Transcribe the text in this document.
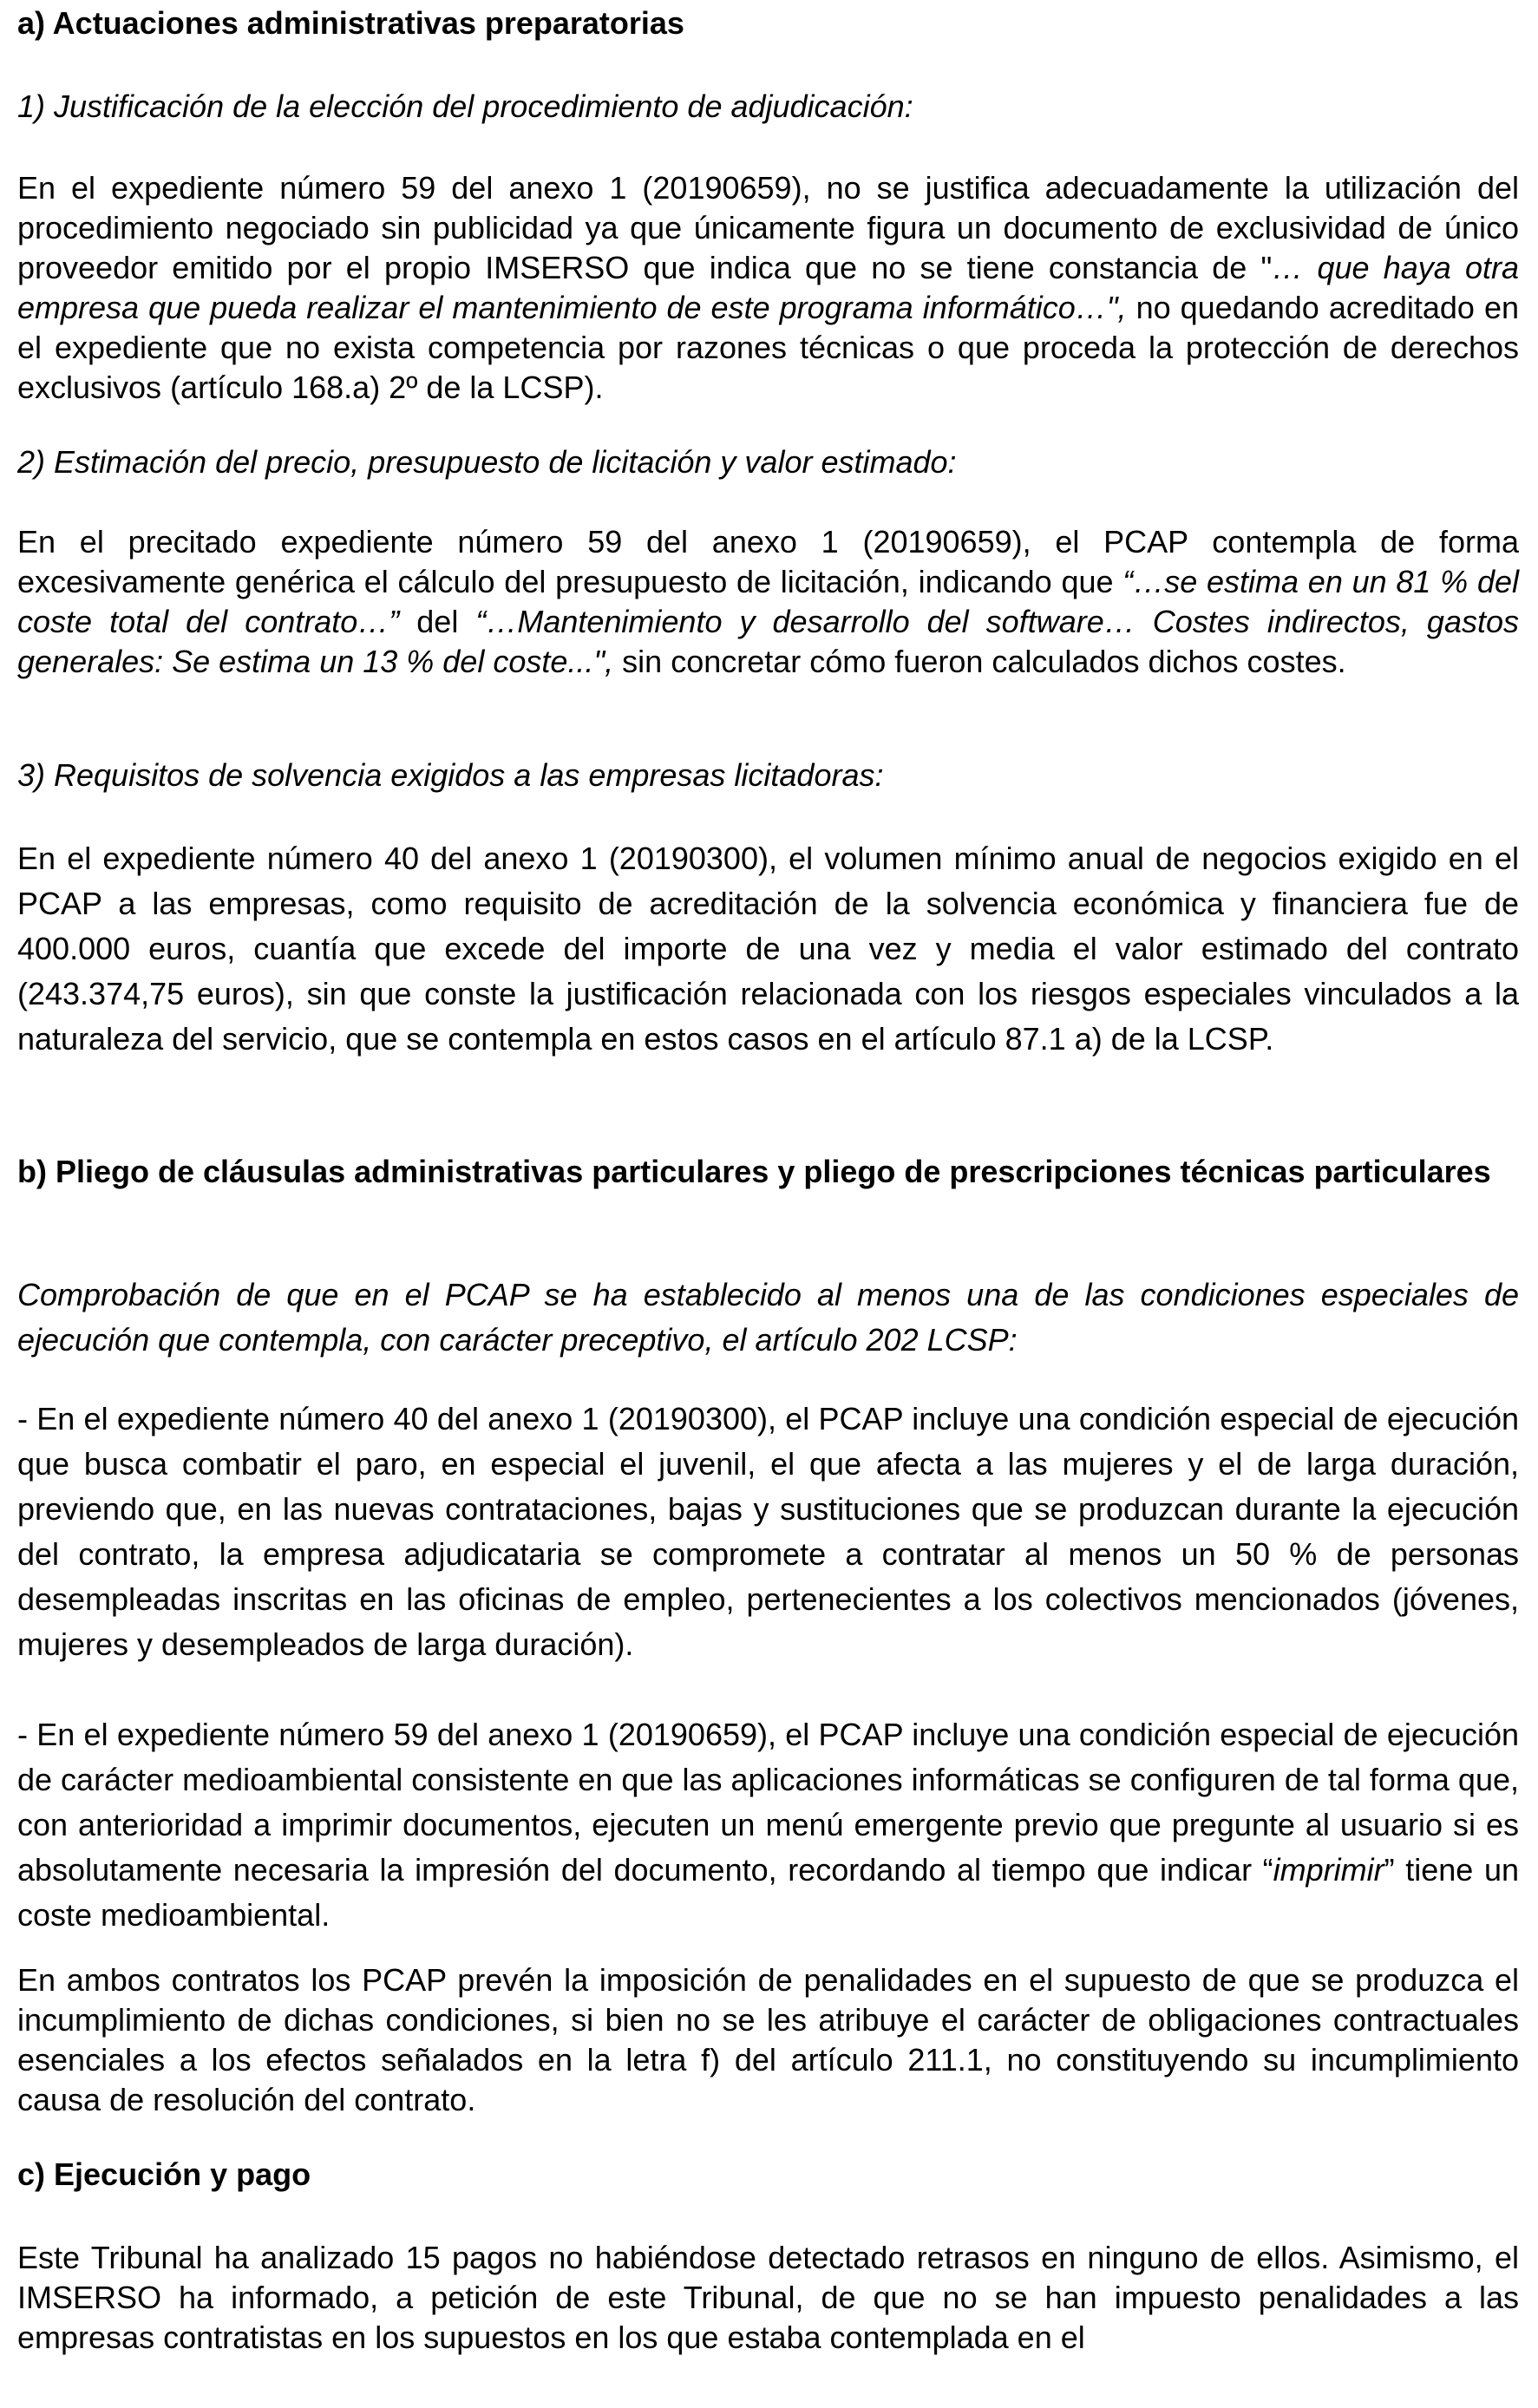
a) Actuaciones administrativas preparatorias

1) Justificación de la elección del procedimiento de adjudicación:

En el expediente número 59 del anexo 1 (20190659), no se justifica adecuadamente la utilización del procedimiento negociado sin publicidad ya que únicamente figura un documento de exclusividad de único proveedor emitido por el propio IMSERSO que indica que no se tiene constancia de "… que haya otra empresa que pueda realizar el mantenimiento de este programa informático…", no quedando acreditado en el expediente que no exista competencia por razones técnicas o que proceda la protección de derechos exclusivos (artículo 168.a) 2º de la LCSP).

2) Estimación del precio, presupuesto de licitación y valor estimado:

En el precitado expediente número 59 del anexo 1 (20190659), el PCAP contempla de forma excesivamente genérica el cálculo del presupuesto de licitación, indicando que “…se estima en un 81 % del coste total del contrato…” del “…Mantenimiento y desarrollo del software… Costes indirectos, gastos generales: Se estima un 13 % del coste...", sin concretar cómo fueron calculados dichos costes.

3) Requisitos de solvencia exigidos a las empresas licitadoras:

En el expediente número 40 del anexo 1 (20190300), el volumen mínimo anual de negocios exigido en el PCAP a las empresas, como requisito de acreditación de la solvencia económica y financiera fue de 400.000 euros, cuantía que excede del importe de una vez y media el valor estimado del contrato (243.374,75 euros), sin que conste la justificación relacionada con los riesgos especiales vinculados a la naturaleza del servicio, que se contempla en estos casos en el artículo 87.1 a) de la LCSP.

b) Pliego de cláusulas administrativas particulares y pliego de prescripciones técnicas particulares

Comprobación de que en el PCAP se ha establecido al menos una de las condiciones especiales de ejecución que contempla, con carácter preceptivo, el artículo 202 LCSP:

- En el expediente número 40 del anexo 1 (20190300), el PCAP incluye una condición especial de ejecución que busca combatir el paro, en especial el juvenil, el que afecta a las mujeres y el de larga duración, previendo que, en las nuevas contrataciones, bajas y sustituciones que se produzcan durante la ejecución del contrato, la empresa adjudicataria se compromete a contratar al menos un 50 % de personas desempleadas inscritas en las oficinas de empleo, pertenecientes a los colectivos mencionados (jóvenes, mujeres y desempleados de larga duración).

- En el expediente número 59 del anexo 1 (20190659), el PCAP incluye una condición especial de ejecución de carácter medioambiental consistente en que las aplicaciones informáticas se configuren de tal forma que, con anterioridad a imprimir documentos, ejecuten un menú emergente previo que pregunte al usuario si es absolutamente necesaria la impresión del documento, recordando al tiempo que indicar “imprimir” tiene un coste medioambiental.

En ambos contratos los PCAP prevén la imposición de penalidades en el supuesto de que se produzca el incumplimiento de dichas condiciones, si bien no se les atribuye el carácter de obligaciones contractuales esenciales a los efectos señalados en la letra f) del artículo 211.1, no constituyendo su incumplimiento causa de resolución del contrato.

c) Ejecución y pago

Este Tribunal ha analizado 15 pagos no habiéndose detectado retrasos en ninguno de ellos. Asimismo, el IMSERSO ha informado, a petición de este Tribunal, de que no se han impuesto penalidades a las empresas contratistas en los supuestos en los que estaba contemplada en el
